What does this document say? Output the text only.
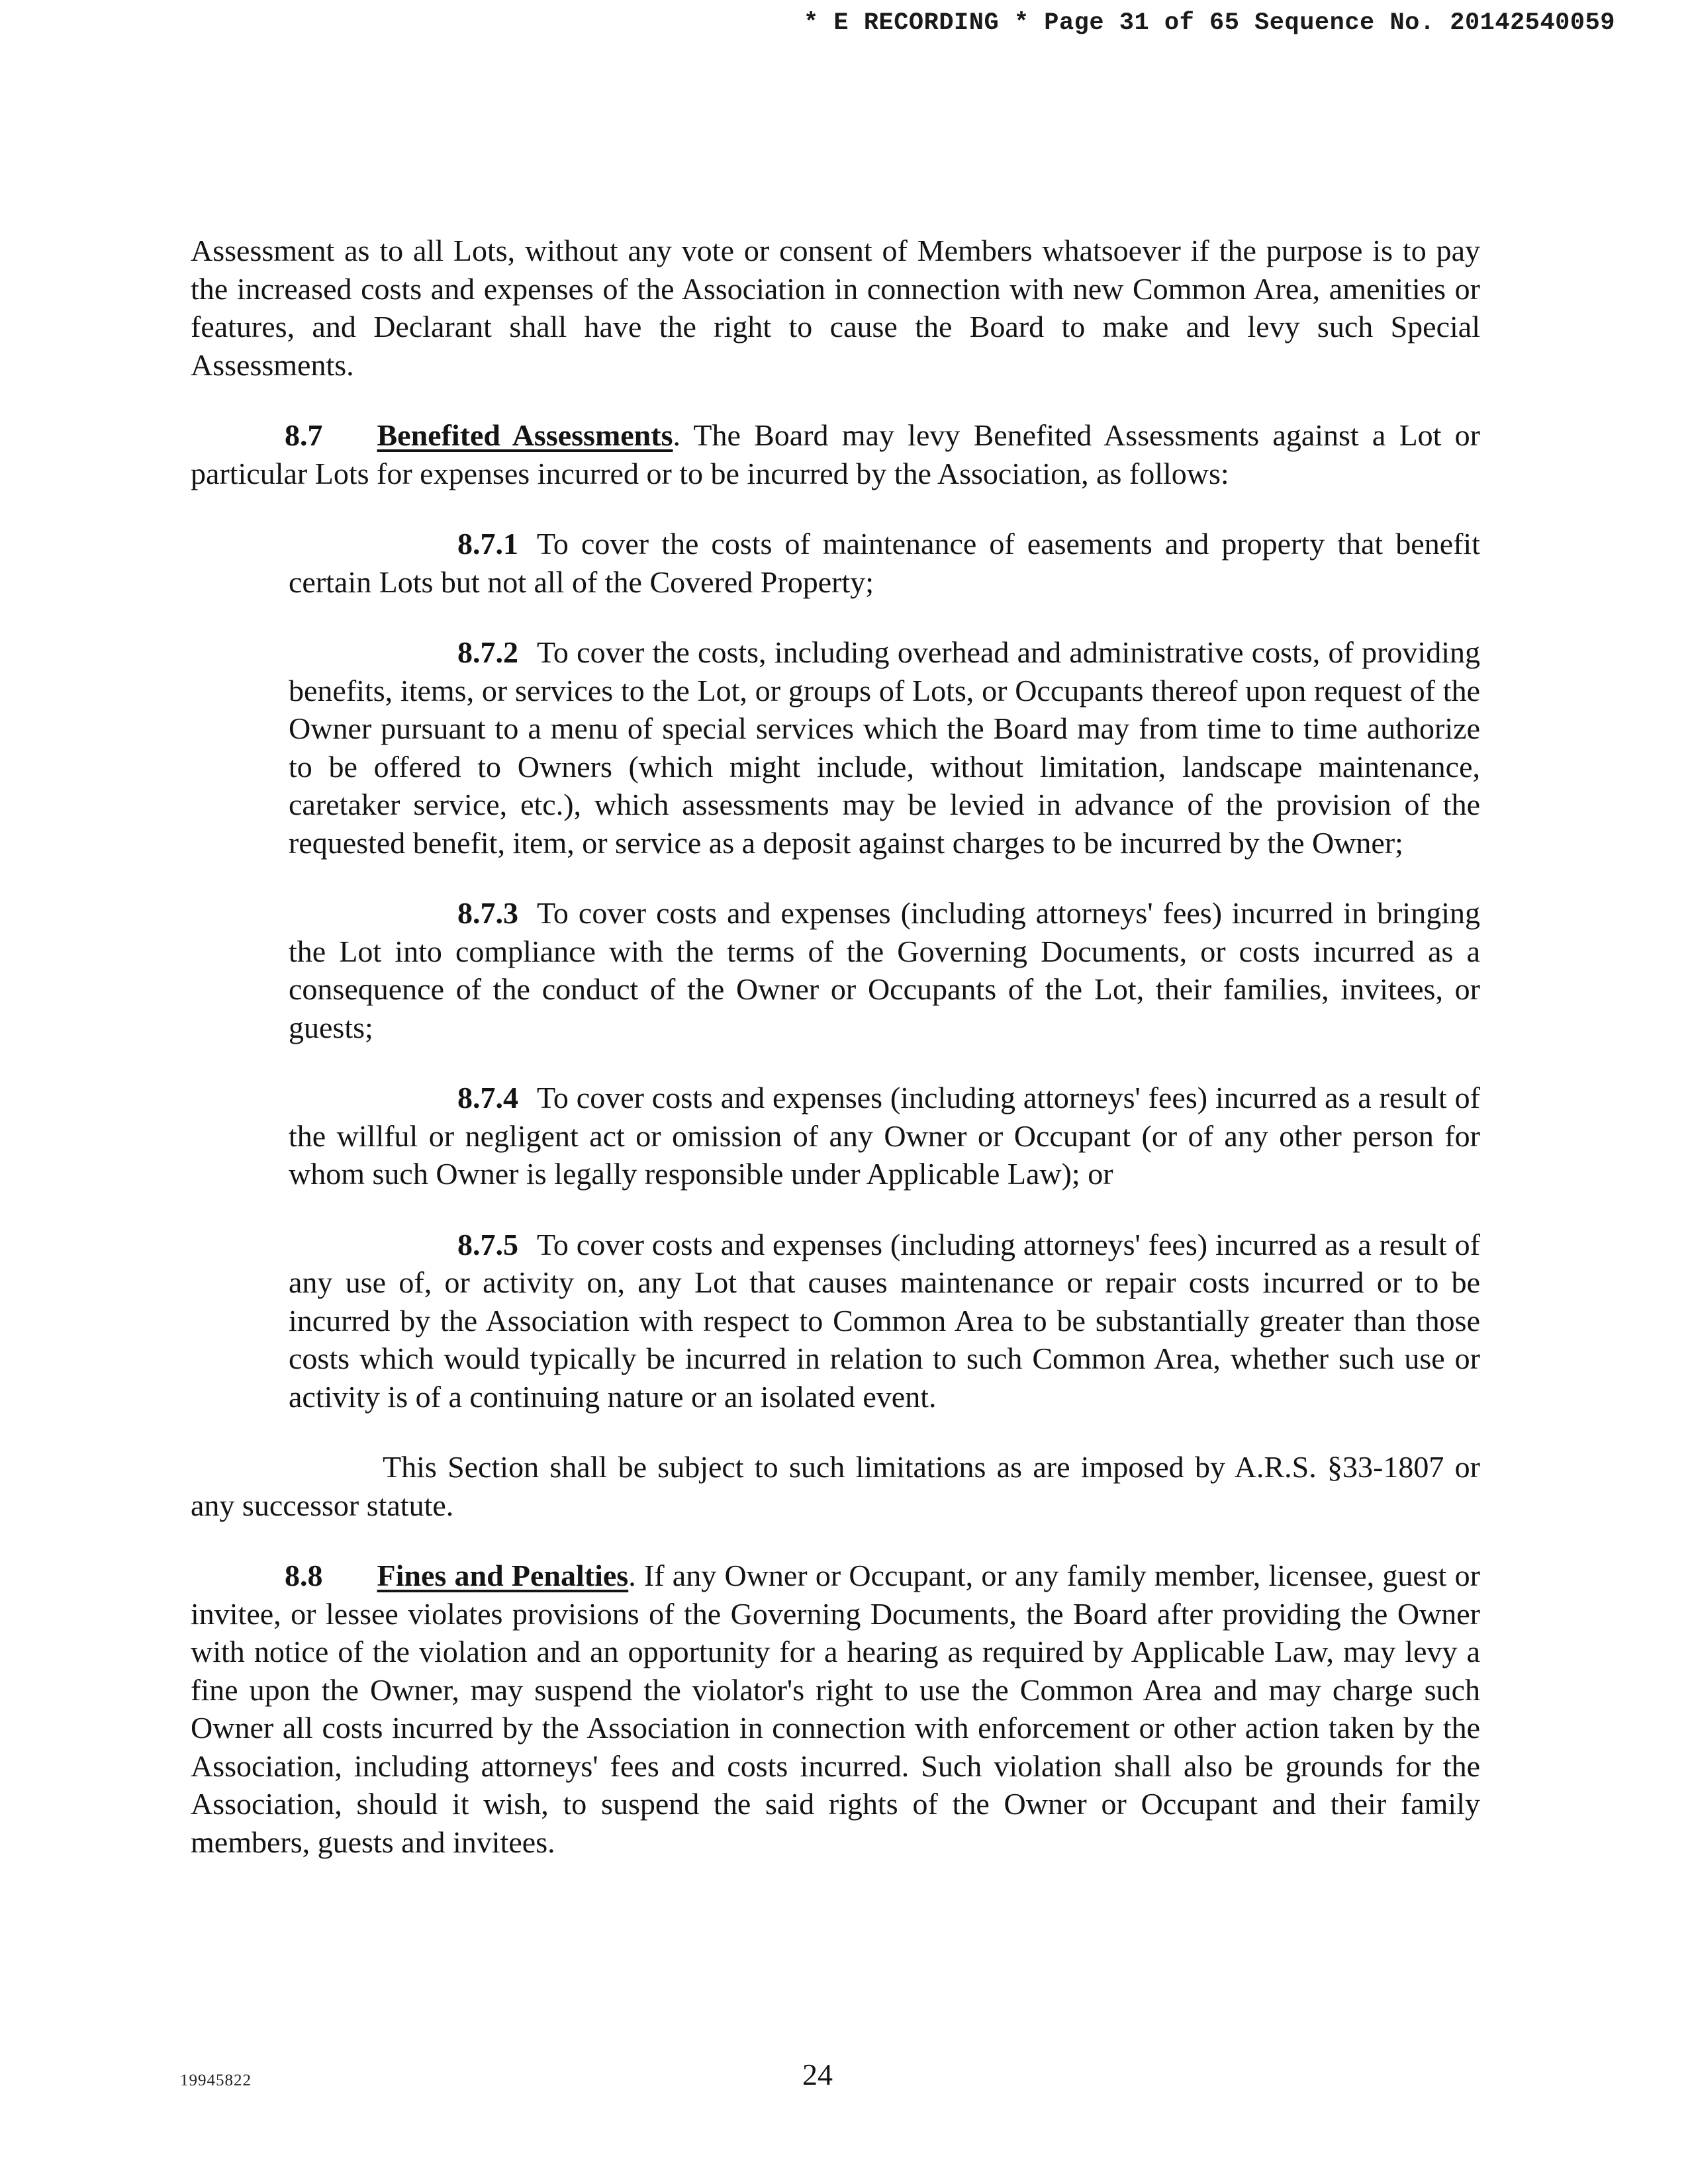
* E RECORDING * Page 31 of 65 Sequence No. 20142540059

Assessment as to all Lots, without any vote or consent of Members whatsoever if the purpose is to pay the increased costs and expenses of the Association in connection with new Common Area, amenities or features, and Declarant shall have the right to cause the Board to make and levy such Special Assessments.

8.7 Benefited Assessments. The Board may levy Benefited Assessments against a Lot or particular Lots for expenses incurred or to be incurred by the Association, as follows:

8.7.1 To cover the costs of maintenance of easements and property that benefit certain Lots but not all of the Covered Property;

8.7.2 To cover the costs, including overhead and administrative costs, of providing benefits, items, or services to the Lot, or groups of Lots, or Occupants thereof upon request of the Owner pursuant to a menu of special services which the Board may from time to time authorize to be offered to Owners (which might include, without limitation, landscape maintenance, caretaker service, etc.), which assessments may be levied in advance of the provision of the requested benefit, item, or service as a deposit against charges to be incurred by the Owner;

8.7.3 To cover costs and expenses (including attorneys' fees) incurred in bringing the Lot into compliance with the terms of the Governing Documents, or costs incurred as a consequence of the conduct of the Owner or Occupants of the Lot, their families, invitees, or guests;

8.7.4 To cover costs and expenses (including attorneys' fees) incurred as a result of the willful or negligent act or omission of any Owner or Occupant (or of any other person for whom such Owner is legally responsible under Applicable Law); or

8.7.5 To cover costs and expenses (including attorneys' fees) incurred as a result of any use of, or activity on, any Lot that causes maintenance or repair costs incurred or to be incurred by the Association with respect to Common Area to be substantially greater than those costs which would typically be incurred in relation to such Common Area, whether such use or activity is of a continuing nature or an isolated event.

This Section shall be subject to such limitations as are imposed by A.R.S. §33-1807 or any successor statute.

8.8 Fines and Penalties. If any Owner or Occupant, or any family member, licensee, guest or invitee, or lessee violates provisions of the Governing Documents, the Board after providing the Owner with notice of the violation and an opportunity for a hearing as required by Applicable Law, may levy a fine upon the Owner, may suspend the violator's right to use the Common Area and may charge such Owner all costs incurred by the Association in connection with enforcement or other action taken by the Association, including attorneys' fees and costs incurred. Such violation shall also be grounds for the Association, should it wish, to suspend the said rights of the Owner or Occupant and their family members, guests and invitees.

19945822	24
